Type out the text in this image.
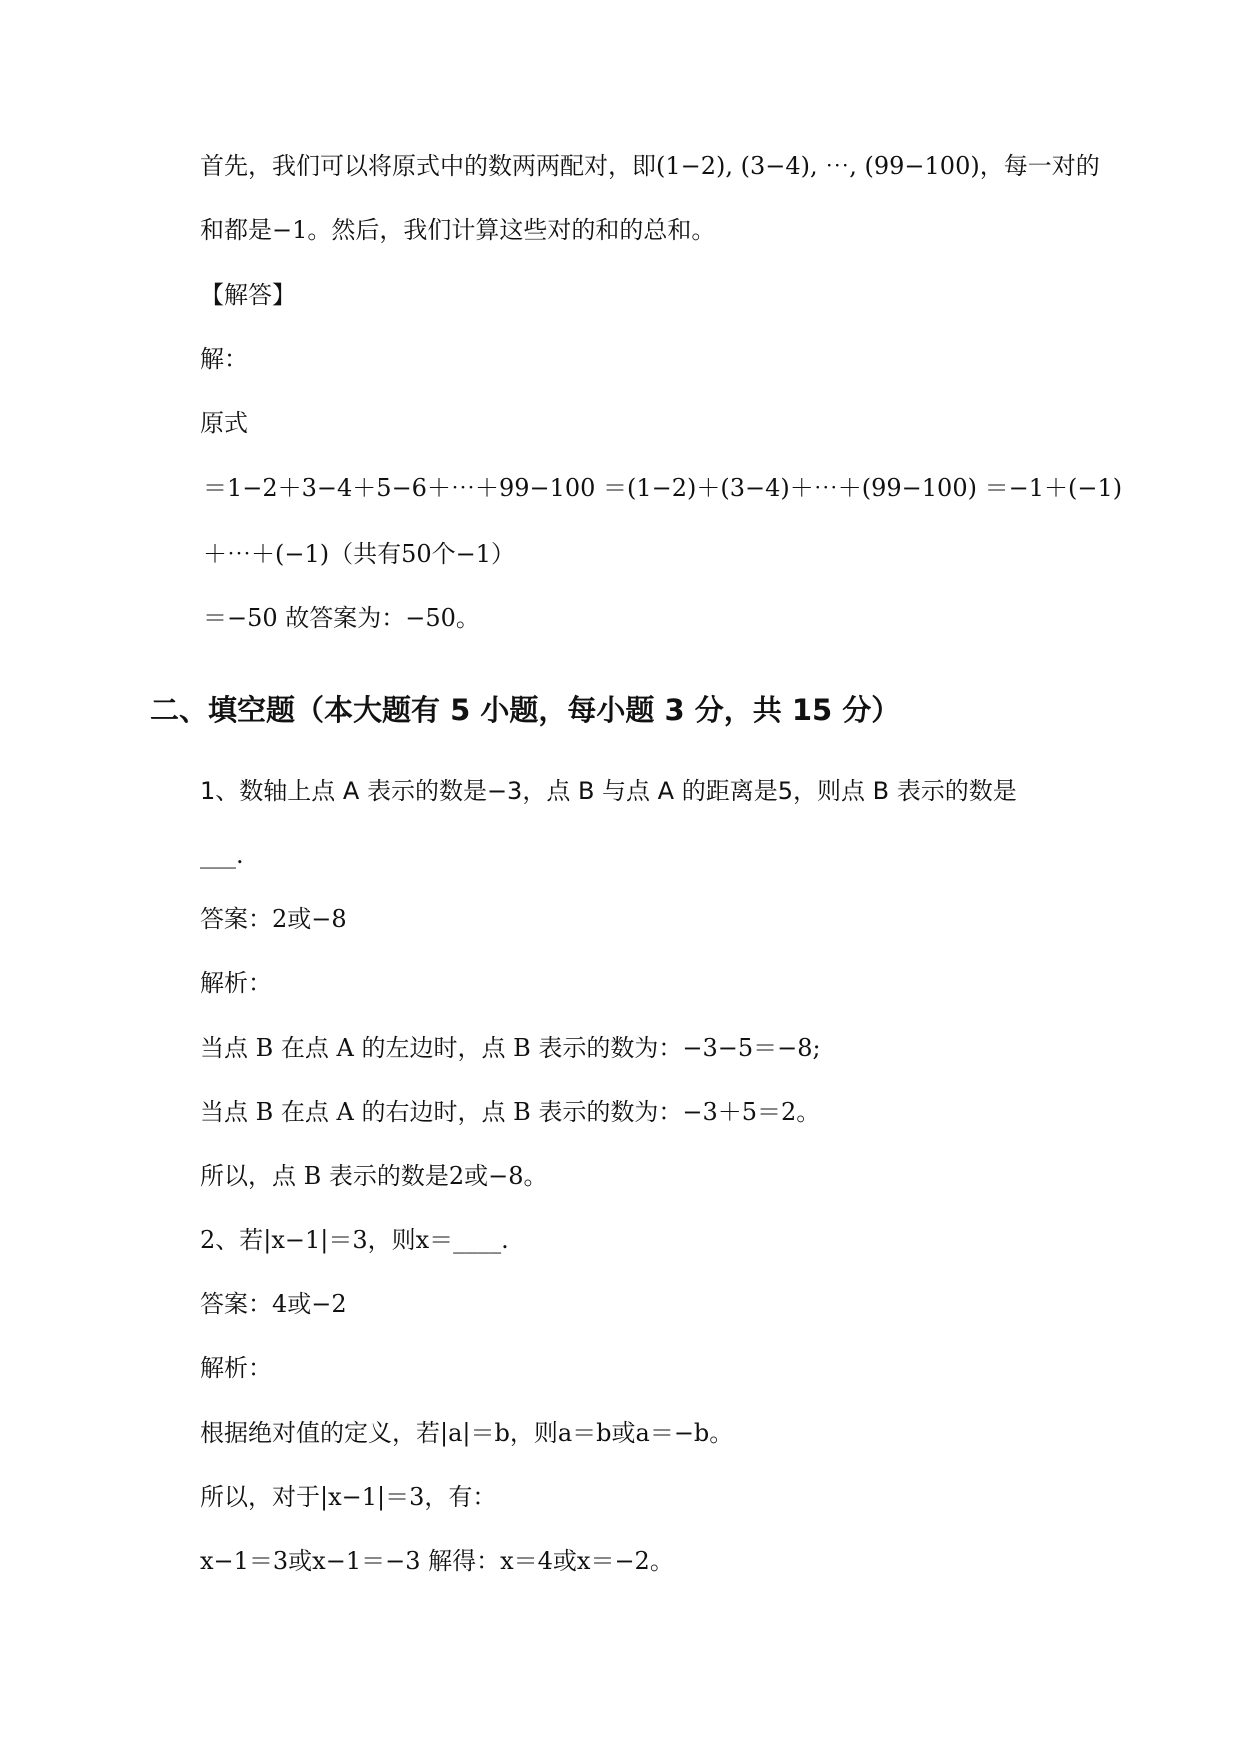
首先，我们可以将原式中的数两两配对，即(1−2), (3−4), ⋯, (99−100)，每一对的
和都是−1。然后，我们计算这些对的和的总和。
【解答】
解：
原式
＝1−2＋3−4＋5−6＋⋯＋99−100 ＝(1−2)＋(3−4)＋⋯＋(99−100) ＝−1＋(−1)
＋⋯＋(−1)（共有50个−1）
＝−50 故答案为：−50。
二、填空题（本大题有 5 小题，每小题 3 分，共 15 分）
1、数轴上点 A 表示的数是−3，点 B 与点 A 的距离是5，则点 B 表示的数是
___.
答案：2或−8
解析：
当点 B 在点 A 的左边时，点 B 表示的数为：−3−5＝−8;
当点 B 在点 A 的右边时，点 B 表示的数为：−3＋5＝2。
所以，点 B 表示的数是2或−8。
2、若|x−1|＝3，则x＝____.
答案：4或−2
解析：
根据绝对值的定义，若|a|＝b，则a＝b或a＝−b。
所以，对于|x−1|＝3，有：
x−1＝3或x−1＝−3 解得：x＝4或x＝−2。
